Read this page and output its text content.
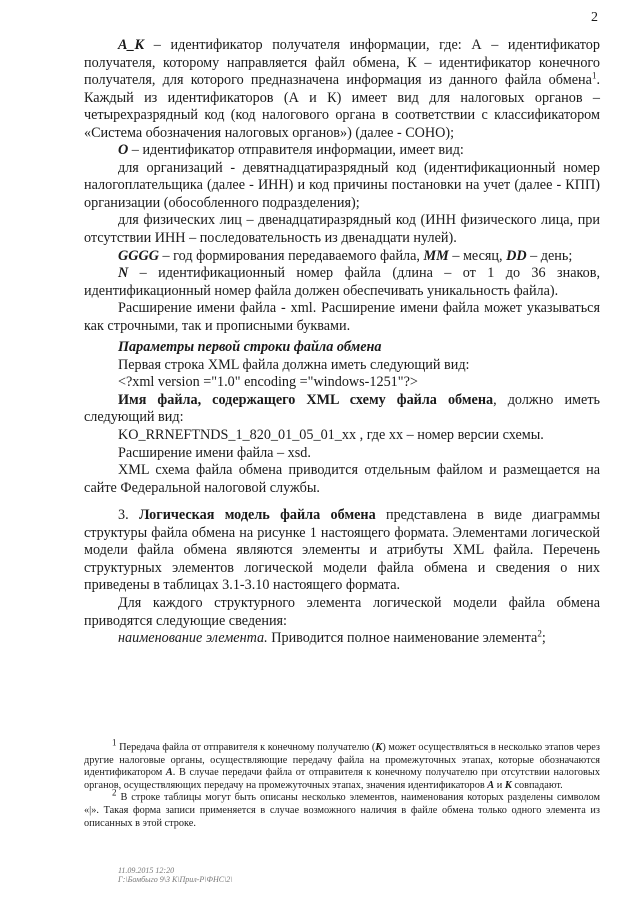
2

А_К – идентификатор получателя информации, где: А – идентификатор получателя, которому направляется файл обмена, К – идентификатор конечного получателя, для которого предназначена информация из данного файла обмена$^1$. Каждый из идентификаторов (А и К) имеет вид для налоговых органов – четырехразрядный код (код налогового органа в соответствии с классификатором «Система обозначения налоговых органов») (далее - СОНО);

О – идентификатор отправителя информации, имеет вид:

для организаций - девятнадцатиразрядный код (идентификационный номер налогоплательщика (далее - ИНН) и код причины постановки на учет (далее - КПП) организации (обособленного подразделения);

для физических лиц – двенадцатиразрядный код (ИНН физического лица, при отсутствии ИНН – последовательность из двенадцати нулей).

GGGG – год формирования передаваемого файла, ММ – месяц, DD – день;

N – идентификационный номер файла (длина – от 1 до 36 знаков, идентификационный номер файла должен обеспечивать уникальность файла).

Расширение имени файла - xml. Расширение имени файла может указываться как строчными, так и прописными буквами.

Параметры первой строки файла обмена

Первая строка XML файла должна иметь следующий вид:

<?xml version ="1.0" encoding ="windows-1251"?>

Имя файла, содержащего XML схему файла обмена, должно иметь следующий вид:

KO_RRNEFTNDS_1_820_01_05_01_xx , где хх – номер версии схемы.

Расширение имени файла – xsd.

XML схема файла обмена приводится отдельным файлом и размещается на сайте Федеральной налоговой службы.

3. Логическая модель файла обмена представлена в виде диаграммы структуры файла обмена на рисунке 1 настоящего формата. Элементами логической модели файла обмена являются элементы и атрибуты XML файла. Перечень структурных элементов логической модели файла обмена и сведения о них приведены в таблицах 3.1-3.10 настоящего формата.

Для каждого структурного элемента логической модели файла обмена приводятся следующие сведения:

наименование элемента. Приводится полное наименование элемента$^2$;

$^1$ Передача файла от отправителя к конечному получателю (К) может осуществляться в несколько этапов через другие налоговые органы, осуществляющие передачу файла на промежуточных этапах, которые обозначаются идентификатором А. В случае передачи файла от отправителя к конечному получателю при отсутствии налоговых органов, осуществляющих передачу на промежуточных этапах, значения идентификаторов А и К совпадают.

$^2$ В строке таблицы могут быть описаны несколько элементов, наименования которых разделены символом «|». Такая форма записи применяется в случае возможного наличия в файле обмена только одного элемента из описанных в этой строке.

11.09.2015 12:20
Г:\Бомбыго 9\3 К\Прил-Р\ФНС\2\
